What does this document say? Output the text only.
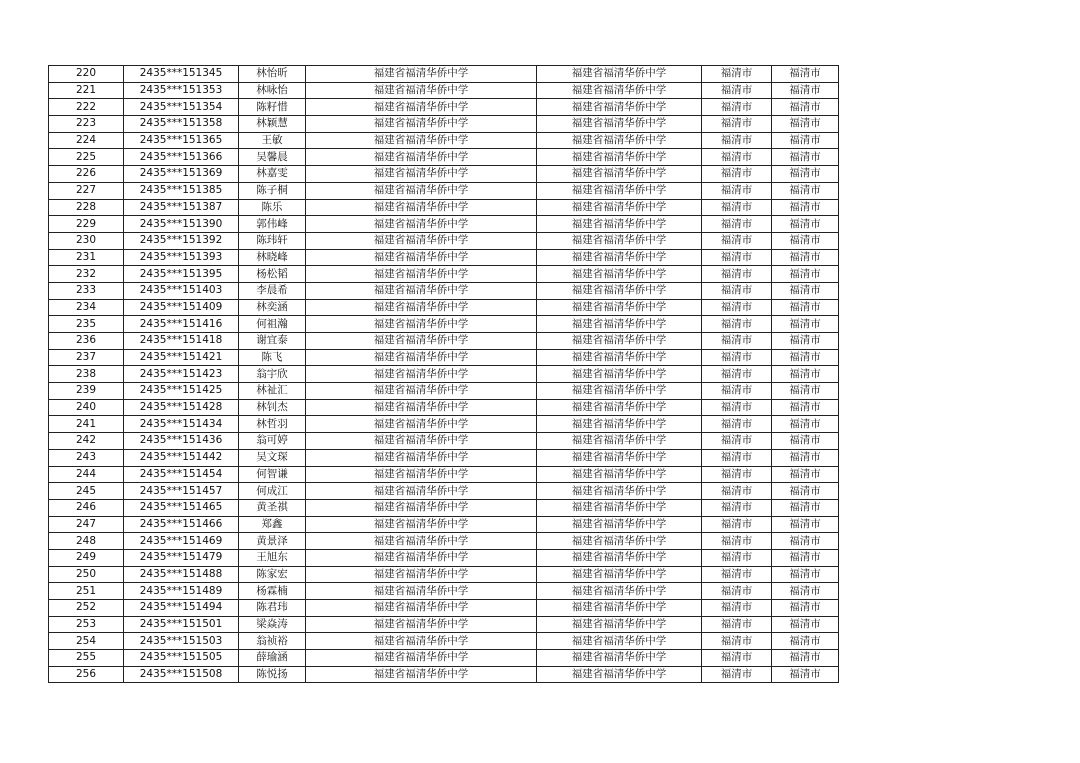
220	2435***151345	林怡昕	福建省福清华侨中学	福建省福清华侨中学	福清市	福清市
221	2435***151353	林咏怡	福建省福清华侨中学	福建省福清华侨中学	福清市	福清市
222	2435***151354	陈籽惜	福建省福清华侨中学	福建省福清华侨中学	福清市	福清市
223	2435***151358	林颖慧	福建省福清华侨中学	福建省福清华侨中学	福清市	福清市
224	2435***151365	王敏	福建省福清华侨中学	福建省福清华侨中学	福清市	福清市
225	2435***151366	吴馨晨	福建省福清华侨中学	福建省福清华侨中学	福清市	福清市
226	2435***151369	林嘉雯	福建省福清华侨中学	福建省福清华侨中学	福清市	福清市
227	2435***151385	陈子桐	福建省福清华侨中学	福建省福清华侨中学	福清市	福清市
228	2435***151387	陈乐	福建省福清华侨中学	福建省福清华侨中学	福清市	福清市
229	2435***151390	郭伟峰	福建省福清华侨中学	福建省福清华侨中学	福清市	福清市
230	2435***151392	陈玮轩	福建省福清华侨中学	福建省福清华侨中学	福清市	福清市
231	2435***151393	林晓峰	福建省福清华侨中学	福建省福清华侨中学	福清市	福清市
232	2435***151395	杨松韬	福建省福清华侨中学	福建省福清华侨中学	福清市	福清市
233	2435***151403	李晨希	福建省福清华侨中学	福建省福清华侨中学	福清市	福清市
234	2435***151409	林奕涵	福建省福清华侨中学	福建省福清华侨中学	福清市	福清市
235	2435***151416	何祖瀚	福建省福清华侨中学	福建省福清华侨中学	福清市	福清市
236	2435***151418	谢宜泰	福建省福清华侨中学	福建省福清华侨中学	福清市	福清市
237	2435***151421	陈飞	福建省福清华侨中学	福建省福清华侨中学	福清市	福清市
238	2435***151423	翁宇欣	福建省福清华侨中学	福建省福清华侨中学	福清市	福清市
239	2435***151425	林祉汇	福建省福清华侨中学	福建省福清华侨中学	福清市	福清市
240	2435***151428	林钊杰	福建省福清华侨中学	福建省福清华侨中学	福清市	福清市
241	2435***151434	林哲羽	福建省福清华侨中学	福建省福清华侨中学	福清市	福清市
242	2435***151436	翁可婷	福建省福清华侨中学	福建省福清华侨中学	福清市	福清市
243	2435***151442	吴文琛	福建省福清华侨中学	福建省福清华侨中学	福清市	福清市
244	2435***151454	何智谦	福建省福清华侨中学	福建省福清华侨中学	福清市	福清市
245	2435***151457	何成江	福建省福清华侨中学	福建省福清华侨中学	福清市	福清市
246	2435***151465	黄圣祺	福建省福清华侨中学	福建省福清华侨中学	福清市	福清市
247	2435***151466	郑鑫	福建省福清华侨中学	福建省福清华侨中学	福清市	福清市
248	2435***151469	黄景泽	福建省福清华侨中学	福建省福清华侨中学	福清市	福清市
249	2435***151479	王旭东	福建省福清华侨中学	福建省福清华侨中学	福清市	福清市
250	2435***151488	陈家宏	福建省福清华侨中学	福建省福清华侨中学	福清市	福清市
251	2435***151489	杨霖楠	福建省福清华侨中学	福建省福清华侨中学	福清市	福清市
252	2435***151494	陈君玮	福建省福清华侨中学	福建省福清华侨中学	福清市	福清市
253	2435***151501	梁焱涛	福建省福清华侨中学	福建省福清华侨中学	福清市	福清市
254	2435***151503	翁祯裕	福建省福清华侨中学	福建省福清华侨中学	福清市	福清市
255	2435***151505	薛瑜涵	福建省福清华侨中学	福建省福清华侨中学	福清市	福清市
256	2435***151508	陈悦扬	福建省福清华侨中学	福建省福清华侨中学	福清市	福清市
